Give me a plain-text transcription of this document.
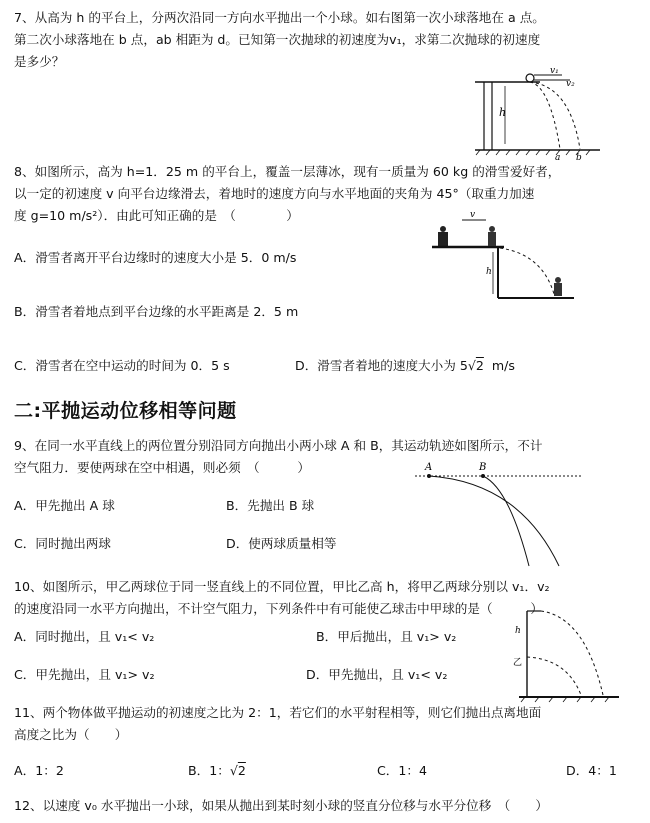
7、从高为 h 的平台上，分两次沿同一方向水平抛出一个小球。如右图第一次小球落地在 a 点。
第二次小球落地在 b 点，ab 相距为 d。已知第一次抛球的初速度为v₁，求第二次抛球的初速度
是多少？
h
v₁
v₂
a b
8、如图所示，高为 h=1．25 m 的平台上，覆盖一层薄冰，现有一质量为 60 kg 的滑雪爱好者，
以一定的初速度 v 向平台边缘滑去，着地时的速度方向与水平地面的夹角为 45°（取重力加速
度 g=10 m/s²）．由此可知正确的是　（　　　　）
A．滑雪者离开平台边缘时的速度大小是 5．0 m/s
B．滑雪者着地点到平台边缘的水平距离是 2．5 m
C．滑雪者在空中运动的时间为 0．5 s	D．滑雪者着地的速度大小为 5√2 m/s
v
h
二:平抛运动位移相等问题
9、在同一水平直线上的两位置分别沿同方向抛出小两小球 A 和 B，其运动轨迹如图所示，不计
空气阻力．要使两球在空中相遇，则必须　（　　　）
A．甲先抛出 A 球	B．先抛出 B 球
C．同时抛出两球	D．使两球质量相等
A	B
10、如图所示，甲乙两球位于同一竖直线上的不同位置，甲比乙高 h，将甲乙两球分别以 v₁．v₂
的速度沿同一水平方向抛出，不计空气阻力，下列条件中有可能使乙球击中甲球的是（　　　）
A．同时抛出，且 v₁< v₂	B．甲后抛出，且 v₁> v₂
C．甲先抛出，且 v₁> v₂	D．甲先抛出，且 v₁< v₂
h
乙
11、两个物体做平抛运动的初速度之比为 2：1，若它们的水平射程相等，则它们抛出点离地面
高度之比为（　　）
A．1：2	B．1：√2	C．1：4	D．4：1
12、以速度 v₀ 水平抛出一小球，如果从抛出到某时刻小球的竖直分位移与水平分位移　（　　）
